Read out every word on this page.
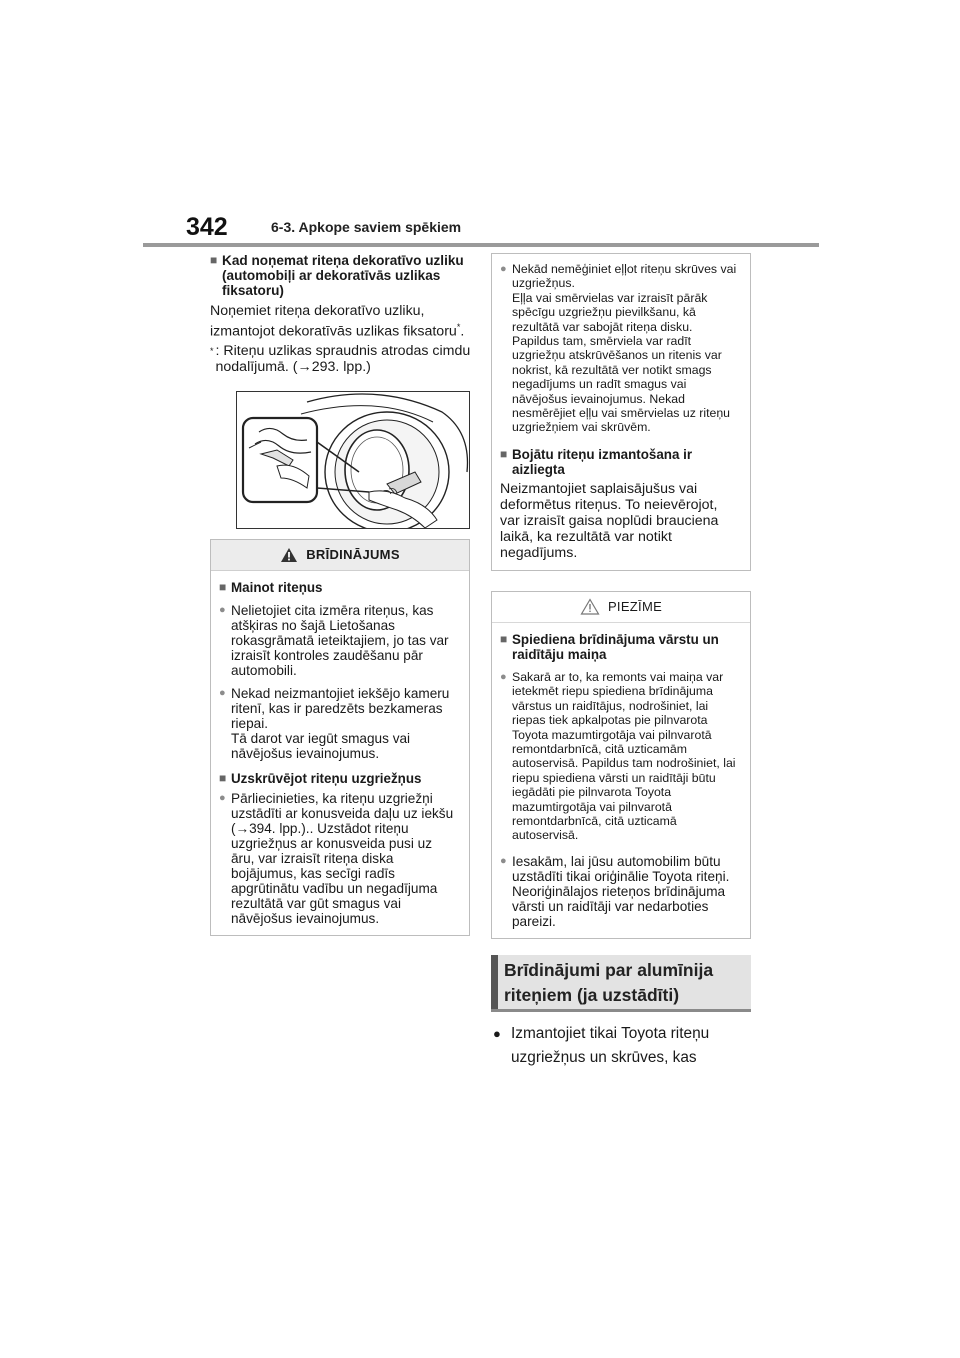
342	6-3. Apkope saviem spēkiem
■ Kad noņemat riteņa dekoratīvo uzliku (automobiļi ar dekoratīvās uzlikas fiksatoru)
Noņemiet riteņa dekoratīvo uzliku, izmantojot dekoratīvās uzlikas fiksatoru*.
* : Riteņu uzlikas spraudnis atrodas cimdu nodalījumā. (→293. lpp.)
BRĪDINĀJUMS
■ Mainot riteņus
● Nelietojiet cita izmēra riteņus, kas atšķiras no šajā Lietošanas rokasgrāmatā ieteiktajiem, jo tas var izraisīt kontroles zaudēšanu pār automobili.
● Nekad neizmantojiet iekšējo kameru ritenī, kas ir paredzēts bezkameras riepai.
Tā darot var iegūt smagus vai nāvējošus ievainojumus.
■ Uzskrūvējot riteņu uzgriežņus
● Pārliecinieties, ka riteņu uzgriežņi uzstādīti ar konusveida daļu uz iekšu (→394. lpp.).. Uzstādot riteņu uzgriežņus ar konusveida pusi uz āru, var izraisīt riteņa diska bojājumus, kas secīgi radīs apgrūtinātu vadību un negadījuma rezultātā var gūt smagus vai nāvējošus ievainojumus.
● Nekād nemēģiniet eļļot riteņu skrūves vai uzgriežņus.
Eļļa vai smērvielas var izraisīt pārāk spēcīgu uzgriežņu pievilkšanu, kā rezultātā var sabojāt riteņa disku. Papildus tam, smērviela var radīt uzgriežņu atskrūvēšanos un ritenis var nokrist, kā rezultātā ver notikt smags negadījums un radīt smagus vai nāvējošus ievainojumus. Nekad nesmērējiet eļļu vai smērvielas uz riteņu uzgriežņiem vai skrūvēm.
■ Bojātu riteņu izmantošana ir aizliegta
Neizmantojiet saplaisājušus vai deformētus riteņus. To neievērojot, var izraisīt gaisa noplūdi brauciena laikā, ka rezultātā var notikt negadījums.
PIEZĪME
■ Spiediena brīdinājuma vārstu un raidītāju maiņa
● Sakarā ar to, ka remonts vai maiņa var ietekmēt riepu spiediena brīdinājuma vārstus un raidītājus, nodrošiniet, lai riepas tiek apkalpotas pie pilnvarota Toyota mazumtirgotāja vai pilnvarotā remontdarbnīcā, citā uzticamām autoservisā. Papildus tam nodrošiniet, lai riepu spiediena vārsti un raidītāji būtu iegādāti pie pilnvarota Toyota mazumtirgotāja vai pilnvarotā remontdarbnīcā, citā uzticamā autoservisā.
● Iesakām, lai jūsu automobilim būtu uzstādīti tikai oriģinālie Toyota riteņi.
Neoriģinālajos rieteņos brīdinājuma vārsti un raidītāji var nedarboties pareizi.
Brīdinājumi par alumīnija
riteņiem (ja uzstādīti)
● Izmantojiet tikai Toyota riteņu uzgriežņus un skrūves, kas
